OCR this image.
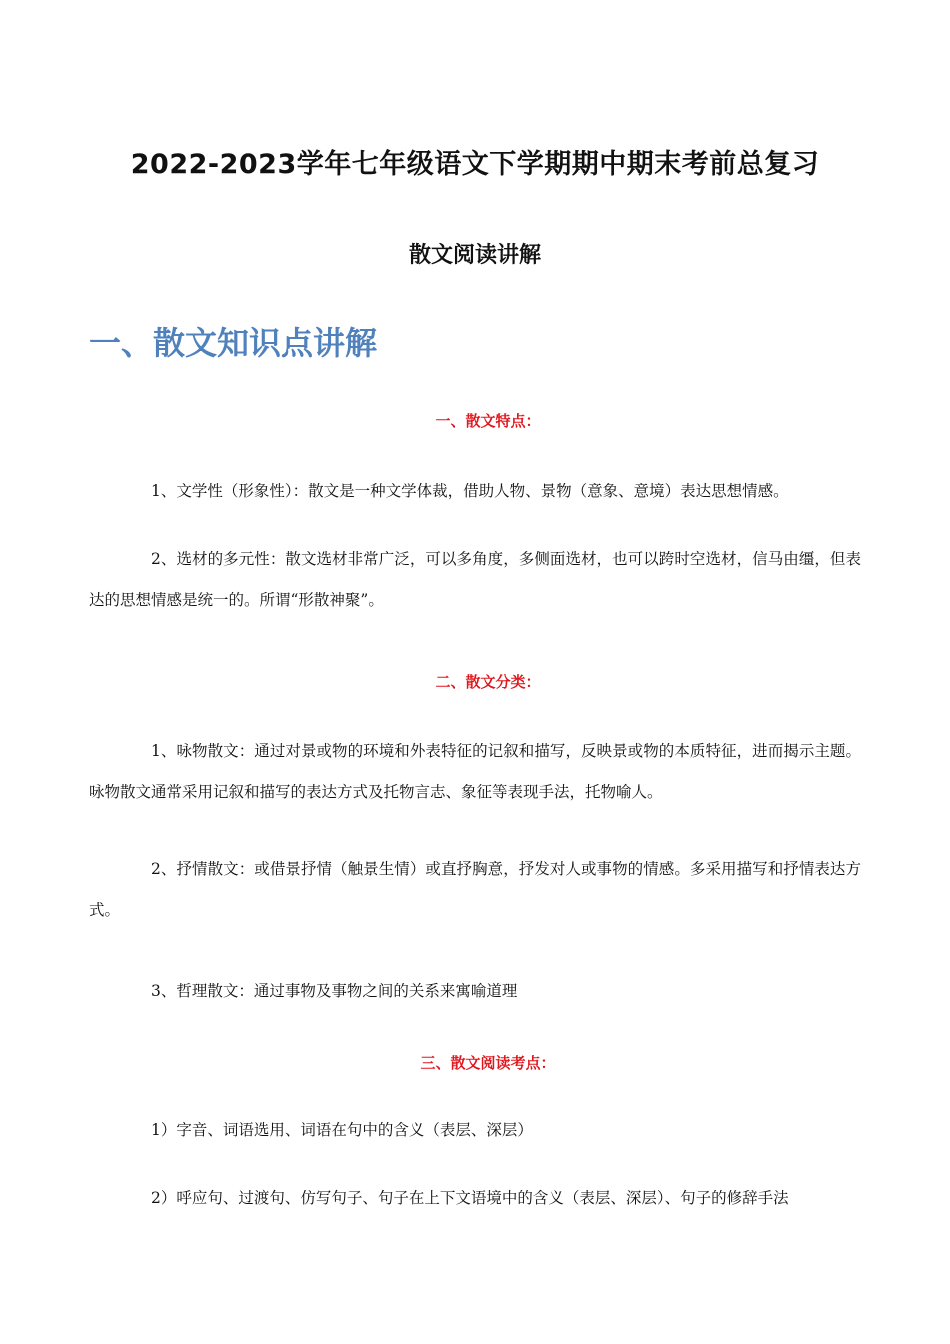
2022-2023学年七年级语文下学期期中期末考前总复习
散文阅读讲解
一、散文知识点讲解
一、散文特点：
1、文学性（形象性）：散文是一种文学体裁，借助人物、景物（意象、意境）表达思想情感。
2、选材的多元性：散文选材非常广泛，可以多角度，多侧面选材，也可以跨时空选材，信马由缰，但表达的思想情感是统一的。所谓“形散神聚”。
二、散文分类：
1、咏物散文：通过对景或物的环境和外表特征的记叙和描写，反映景或物的本质特征，进而揭示主题。咏物散文通常采用记叙和描写的表达方式及托物言志、象征等表现手法，托物喻人。
2、抒情散文：或借景抒情（触景生情）或直抒胸意，抒发对人或事物的情感。多采用描写和抒情表达方式。
3、哲理散文：通过事物及事物之间的关系来寓喻道理
三、散文阅读考点：
1）字音、词语选用、词语在句中的含义（表层、深层）
2）呼应句、过渡句、仿写句子、句子在上下文语境中的含义（表层、深层）、句子的修辞手法
